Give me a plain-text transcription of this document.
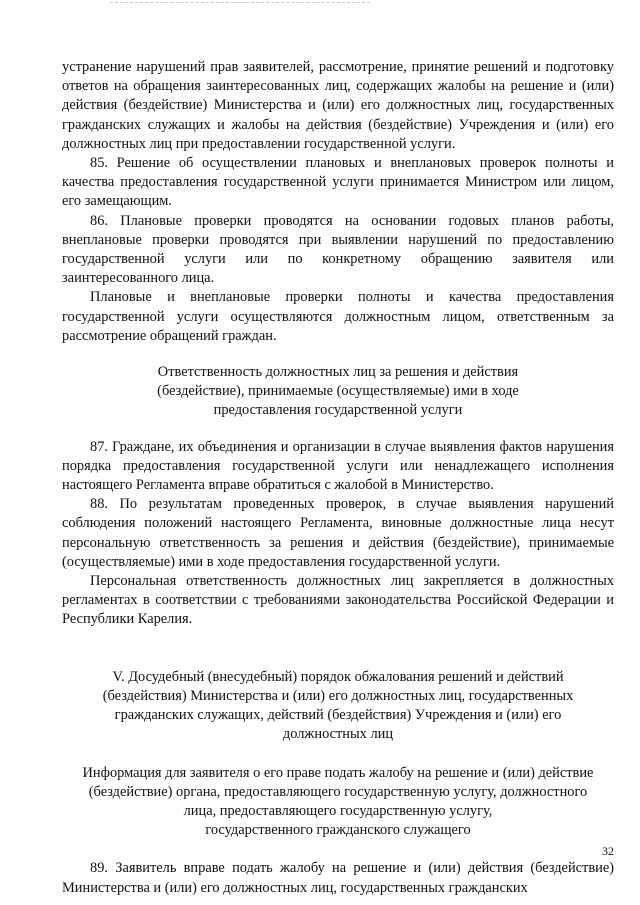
устранение нарушений прав заявителей, рассмотрение, принятие решений и подготовку ответов на обращения заинтересованных лиц, содержащих жалобы на решение и (или) действия (бездействие) Министерства и (или) его должностных лиц, государственных гражданских служащих и жалобы на действия (бездействие) Учреждения и (или) его должностных лиц при предоставлении государственной услуги.

85. Решение об осуществлении плановых и внеплановых проверок полноты и качества предоставления государственной услуги принимается Министром или лицом, его замещающим.

86. Плановые проверки проводятся на основании годовых планов работы, внеплановые проверки проводятся при выявлении нарушений по предоставлению государственной услуги или по конкретному обращению заявителя или заинтересованного лица.

Плановые и внеплановые проверки полноты и качества предоставления государственной услуги осуществляются должностным лицом, ответственным за рассмотрение обращений граждан.

Ответственность должностных лиц за решения и действия
(бездействие), принимаемые (осуществляемые) ими в ходе
предоставления государственной услуги

87. Граждане, их объединения и организации в случае выявления фактов нарушения порядка предоставления государственной услуги или ненадлежащего исполнения настоящего Регламента вправе обратиться с жалобой в Министерство.

88. По результатам проведенных проверок, в случае выявления нарушений соблюдения положений настоящего Регламента, виновные должностные лица несут персональную ответственность за решения и действия (бездействие), принимаемые (осуществляемые) ими в ходе предоставления государственной услуги.

Персональная ответственность должностных лиц закрепляется в должностных регламентах в соответствии с требованиями законодательства Российской Федерации и Республики Карелия.

V. Досудебный (внесудебный) порядок обжалования решений и действий
(бездействия) Министерства и (или) его должностных лиц, государственных
гражданских служащих, действий (бездействия) Учреждения и (или) его
должностных лиц
Информация для заявителя о его праве подать жалобу на решение и (или) действие
(бездействие) органа, предоставляющего государственную услугу, должностного
лица, предоставляющего государственную услугу,
государственного гражданского служащего

89. Заявитель вправе подать жалобу на решение и (или) действия (бездействие) Министерства и (или) его должностных лиц, государственных гражданских

32
